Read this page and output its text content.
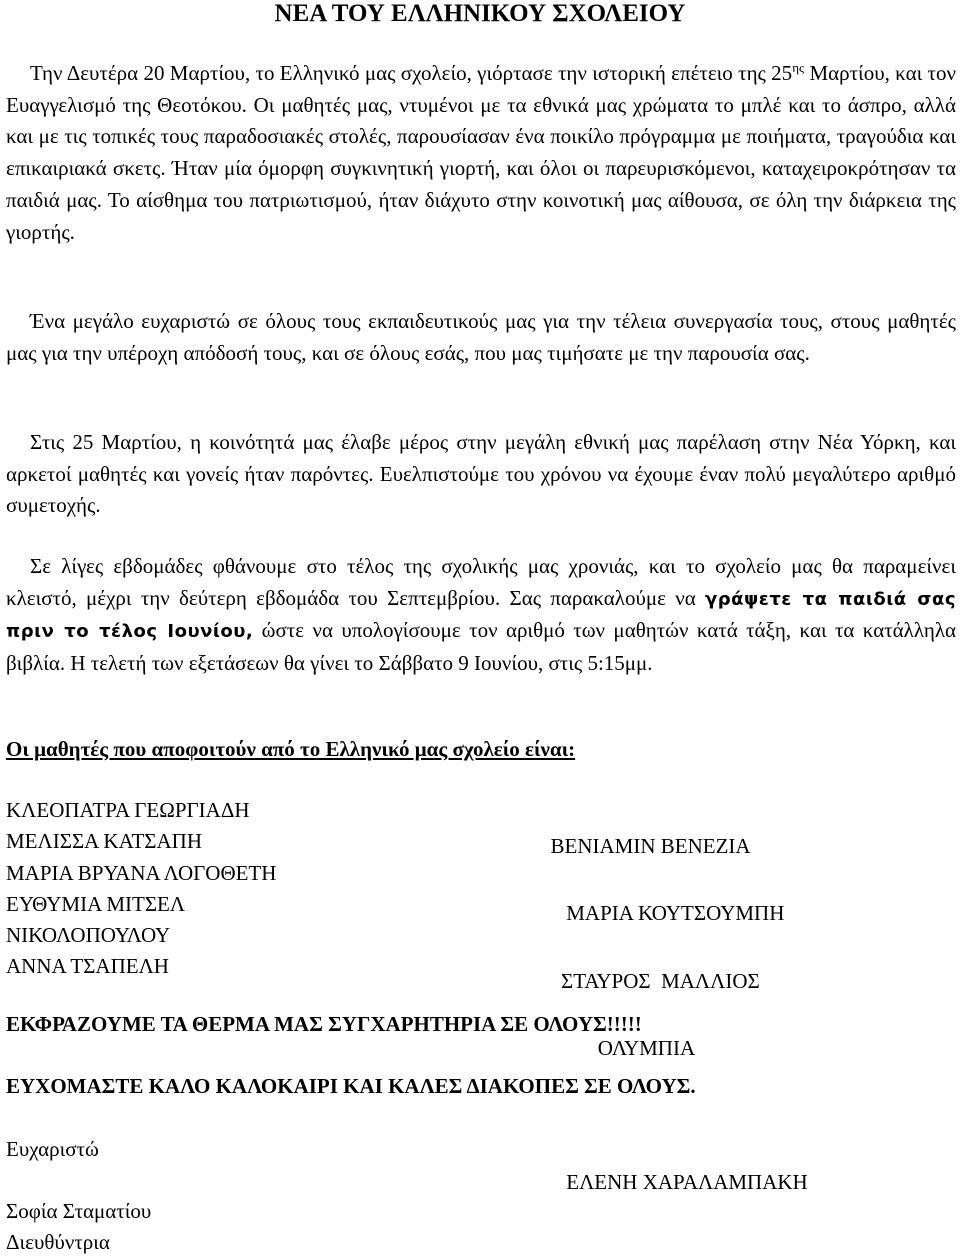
ΝΕΑ ΤΟΥ ΕΛΛΗΝΙΚΟΥ ΣΧΟΛΕΙΟΥ

Την Δευτέρα 20 Μαρτίου, το Ελληνικό μας σχολείο, γιόρτασε την ιστορική επέτειο της $25^{\eta\varsigma}$ Μαρτίου, και τον Ευαγγελισμό της Θεοτόκου. Οι μαθητές μας, ντυμένοι με τα εθνικά μας χρώματα το μπλέ και το άσπρο, αλλά και με τις τοπικές τους παραδοσιακές στολές, παρουσίασαν ένα ποικίλο πρόγραμμα με ποιήματα, τραγούδια και επικαιριακά σκετς. Ήταν μία όμορφη συγκινητική γιορτή, και όλοι οι παρευρισκόμενοι, καταχειροκρότησαν τα παιδιά μας. Το αίσθημα του πατριωτισμού, ήταν διάχυτο στην κοινοτική μας αίθουσα, σε όλη την διάρκεια της γιορτής.

Ένα μεγάλο ευχαριστώ σε όλους τους εκπαιδευτικούς μας για την τέλεια συνεργασία τους, στους μαθητές μας για την υπέροχη απόδοσή τους, και σε όλους εσάς, που μας τιμήσατε με την παρουσία σας.

Στις 25 Μαρτίου, η κοινότητά μας έλαβε μέρος στην μεγάλη εθνική μας παρέλαση στην Νέα Υόρκη, και αρκετοί μαθητές και γονείς ήταν παρόντες. Ευελπιστούμε του χρόνου να έχουμε έναν πολύ μεγαλύτερο αριθμό συμετοχής.

Σε λίγες εβδομάδες φθάνουμε στο τέλος της σχολικής μας χρονιάς, και το σχολείο μας θα παραμείνει κλειστό, μέχρι την δεύτερη εβδομάδα του Σεπτεμβρίου. Σας παρακαλούμε να γράψετε τα παιδιά σας πριν το τέλος Ιουνίου, ώστε να υπολογίσουμε τον αριθμό των μαθητών κατά τάξη, και τα κατάλληλα βιβλία. Η τελετή των εξετάσεων θα γίνει το Σάββατο 9 Ιουνίου, στις 5:15μμ.

Οι μαθητές που αποφοιτούν από το Ελληνικό μας σχολείο είναι:

ΚΛΕΟΠΑΤΡΑ ΓΕΩΡΓΙΑΔΗ
ΜΕΛΙΣΣΑ ΚΑΤΣΑΠΗ
ΜΑΡΙΑ ΒΡΥΑΝΑ ΛΟΓΟΘΕΤΗ
ΕΥΘΥΜΙΑ ΜΙΤΣΕΛ
ΝΙΚΟΛΟΠΟΥΛΟΥ
ΑΝΝΑ ΤΣΑΠΕΛΗ

ΒΕΝΙΑΜΙΝ ΒΕΝΕΖΙΑ

ΜΑΡΙΑ ΚΟΥΤΣΟΥΜΠΗ

ΣΤΑΥΡΟΣ  ΜΑΛΛΙΟΣ

ΟΛΥΜΠΙΑ

ΕΛΕΝΗ ΧΑΡΑΛΑΜΠΑΚΗ

ΕΚΦΡΑΖΟΥΜΕ ΤΑ ΘΕΡΜΑ ΜΑΣ ΣΥΓΧΑΡΗΤΗΡΙΑ ΣΕ ΟΛΟΥΣ!!!!!

ΕΥΧΟΜΑΣΤΕ ΚΑΛΟ ΚΑΛΟΚΑΙΡΙ ΚΑΙ ΚΑΛΕΣ ΔΙΑΚΟΠΕΣ ΣΕ ΟΛΟΥΣ.

Ευχαριστώ

Σοφία Σταματίου

Διευθύντρια
